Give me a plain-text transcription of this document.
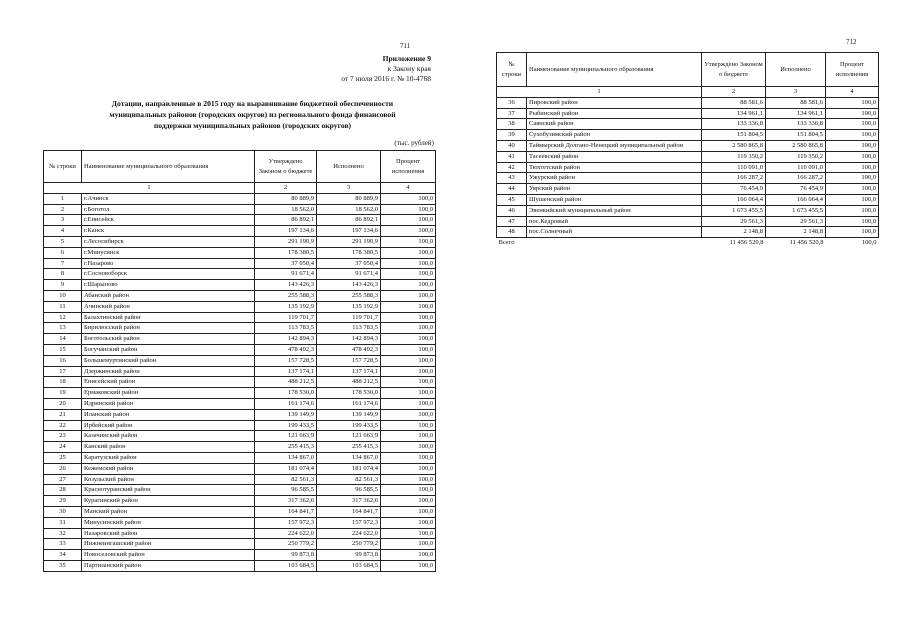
711
Приложение 9
к Закону края
от 7 июля 2016 г. № 10-4768
Дотации, направленные в 2015 году на выравнивание бюджетной обеспеченности
муниципальных районов (городских округов) из регионального фонда финансовой
поддержки муниципальных районов (городских округов)
(тыс. рублей)
№ строки	Наименование муниципального образования	Утверждено Законом о бюджете	Исполнено	Процент исполнения
1		2	3	4
1	г.Ачинск	80 889,9	80 889,9	100,0
2	г.Боготол	18 562,0	18 562,0	100,0
3	г.Енисейск	86 892,1	86 892,1	100,0
4	г.Канск	197 134,6	197 134,6	100,0
5	г.Лесосибирск	291 190,9	291 190,9	100,0
6	г.Минусинск	178 380,5	178 380,5	100,0
7	г.Назарово	37 050,4	37 050,4	100,0
8	г.Сосновоборск	91 671,4	91 671,4	100,0
9	г.Шарыпово	143 426,3	143 426,3	100,0
10	Абанский район	255 588,3	255 588,3	100,0
11	Ачинский район	135 192,9	135 192,9	100,0
12	Балахтинский район	119 701,7	119 701,7	100,0
13	Бирилюсский район	113 783,5	113 783,5	100,0
14	Боготольский район	142 894,3	142 894,3	100,0
15	Богучанский район	478 492,3	478 492,3	100,0
16	Большемуртинский район	157 728,5	157 728,5	100,0
17	Дзержинский район	137 174,1	137 174,1	100,0
18	Енисейский район	488 212,5	488 212,5	100,0
19	Ермаковский район	178 530,0	178 530,0	100,0
20	Идринский район	161 174,6	161 174,6	100,0
21	Иланский район	139 149,9	139 149,9	100,0
22	Ирбейский район	199 433,5	199 433,5	100,0
23	Казачинский район	121 663,9	121 663,9	100,0
24	Канский район	255 415,3	255 415,3	100,0
25	Каратузский район	134 867,0	134 867,0	100,0
26	Кежемский район	181 074,4	181 074,4	100,0
27	Козульский район	82 561,3	82 561,3	100,0
28	Краснотуранский район	96 585,5	96 585,5	100,0
29	Курагинский район	317 362,6	317 362,6	100,0
30	Манский район	164 841,7	164 841,7	100,0
31	Минусинский район	157 972,3	157 972,3	100,0
32	Назаровский район	224 622,0	224 622,0	100,0
33	Нижнеингашский район	250 779,2	250 779,2	100,0
34	Новоселовский район	99 873,8	99 873,8	100,0
35	Партизанский район	103 684,5	103 684,5	100,0
712
№ строки	Наименование муниципального образования	Утверждено Законом о бюджете	Исполнено	Процент исполнения
1		2	3	4
36	Пировский район	88 581,6	88 581,6	100,0
37	Рыбинский район	134 961,1	134 961,1	100,0
38	Саянский район	133 336,8	133 336,8	100,0
39	Сухобузимский район	151 804,5	151 804,5	100,0
40	Таймырский Долгано-Ненецкий муниципальный район	2 580 865,8	2 580 865,8	100,0
41	Тасеевский район	119 350,2	119 350,2	100,0
42	Тюхтетский район	110 091,0	110 091,0	100,0
43	Ужурский район	166 287,2	166 287,2	100,0
44	Уярский район	76 454,9	76 454,9	100,0
45	Шушенский район	166 064,4	166 064,4	100,0
46	Эвенкийский муниципальный район	1 673 455,5	1 673 455,5	100,0
47	пос.Кедровый	29 561,3	29 561,3	100,0
48	пос.Солнечный	2 148,8	2 148,8	100,0
Всего		11 456 520,8	11 456 520,8	100,0
